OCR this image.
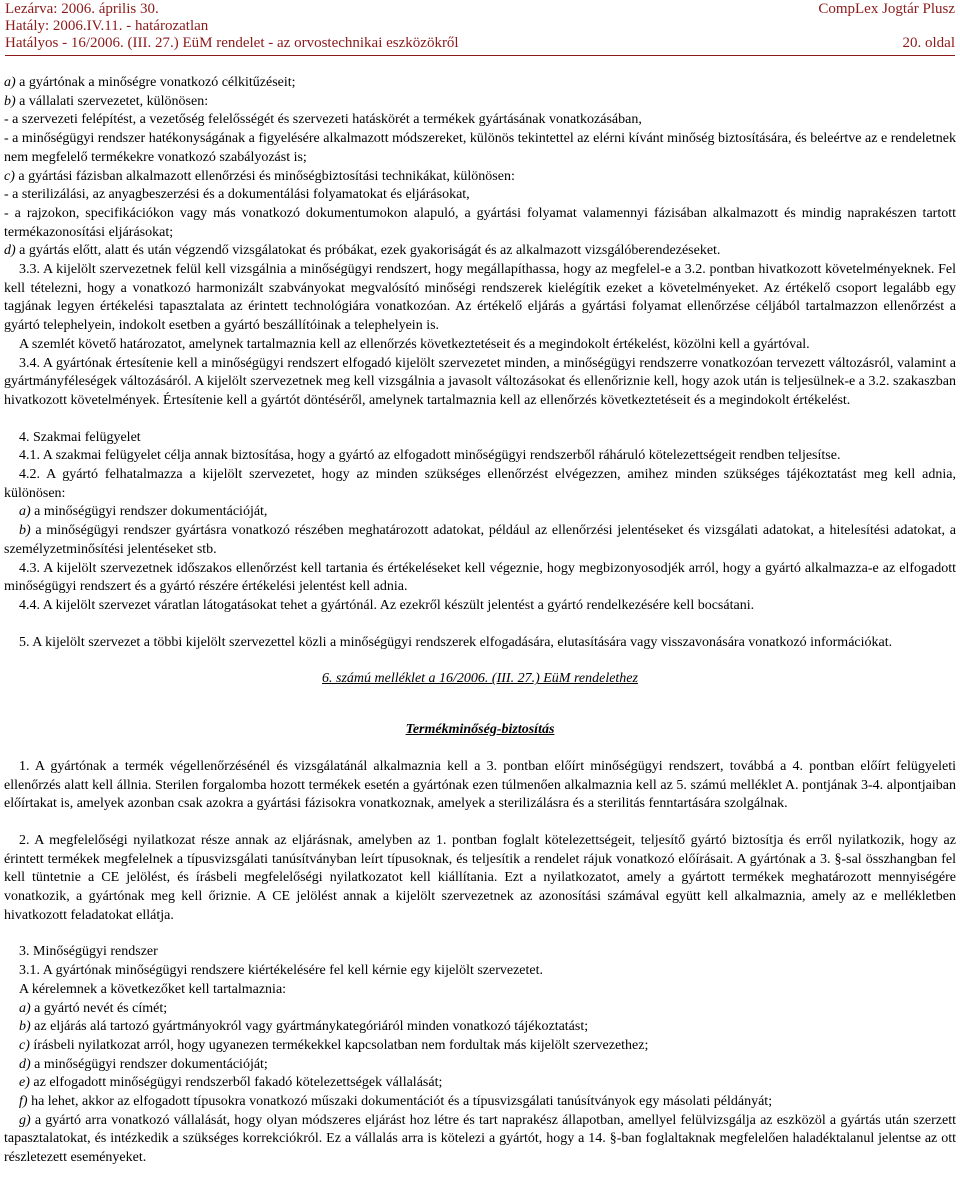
Lezárva: 2006. április 30.	CompLex Jogtár Plusz
Hatály: 2006.IV.11. - határozatlan
Hatályos - 16/2006. (III. 27.) EüM rendelet - az orvostechnikai eszközökről	20. oldal

a) a gyártónak a minőségre vonatkozó célkitűzéseit;

b) a vállalati szervezetet, különösen:

- a szervezeti felépítést, a vezetőség felelősségét és szervezeti hatáskörét a termékek gyártásának vonatkozásában,

- a minőségügyi rendszer hatékonyságának a figyelésére alkalmazott módszereket, különös tekintettel az elérni kívánt minőség biztosítására, és beleértve az e rendeletnek nem megfelelő termékekre vonatkozó szabályozást is;

c) a gyártási fázisban alkalmazott ellenőrzési és minőségbiztosítási technikákat, különösen:

- a sterilizálási, az anyagbeszerzési és a dokumentálási folyamatokat és eljárásokat,

- a rajzokon, specifikációkon vagy más vonatkozó dokumentumokon alapuló, a gyártási folyamat valamennyi fázisában alkalmazott és mindig naprakészen tartott termékazonosítási eljárásokat;

d) a gyártás előtt, alatt és után végzendő vizsgálatokat és próbákat, ezek gyakoriságát és az alkalmazott vizsgálóberendezéseket.

3.3. A kijelölt szervezetnek felül kell vizsgálnia a minőségügyi rendszert, hogy megállapíthassa, hogy az megfelel-e a 3.2. pontban hivatkozott követelményeknek. Fel kell tételezni, hogy a vonatkozó harmonizált szabványokat megvalósító minőségi rendszerek kielégítik ezeket a követelményeket. Az értékelő csoport legalább egy tagjának legyen értékelési tapasztalata az érintett technológiára vonatkozóan. Az értékelő eljárás a gyártási folyamat ellenőrzése céljából tartalmazzon ellenőrzést a gyártó telephelyein, indokolt esetben a gyártó beszállítóinak a telephelyein is.

A szemlét követő határozatot, amelynek tartalmaznia kell az ellenőrzés következtetéseit és a megindokolt értékelést, közölni kell a gyártóval.

3.4. A gyártónak értesítenie kell a minőségügyi rendszert elfogadó kijelölt szervezetet minden, a minőségügyi rendszerre vonatkozóan tervezett változásról, valamint a gyártmányféleségek változásáról. A kijelölt szervezetnek meg kell vizsgálnia a javasolt változásokat és ellenőriznie kell, hogy azok után is teljesülnek-e a 3.2. szakaszban hivatkozott követelmények. Értesítenie kell a gyártót döntéséről, amelynek tartalmaznia kell az ellenőrzés következtetéseit és a megindokolt értékelést.

4. Szakmai felügyelet

4.1. A szakmai felügyelet célja annak biztosítása, hogy a gyártó az elfogadott minőségügyi rendszerből ráháruló kötelezettségeit rendben teljesítse.

4.2. A gyártó felhatalmazza a kijelölt szervezetet, hogy az minden szükséges ellenőrzést elvégezzen, amihez minden szükséges tájékoztatást meg kell adnia, különösen:

a) a minőségügyi rendszer dokumentációját,

b) a minőségügyi rendszer gyártásra vonatkozó részében meghatározott adatokat, például az ellenőrzési jelentéseket és vizsgálati adatokat, a hitelesítési adatokat, a személyzetminősítési jelentéseket stb.

4.3. A kijelölt szervezetnek időszakos ellenőrzést kell tartania és értékeléseket kell végeznie, hogy megbizonyosodjék arról, hogy a gyártó alkalmazza-e az elfogadott minőségügyi rendszert és a gyártó részére értékelési jelentést kell adnia.

4.4. A kijelölt szervezet váratlan látogatásokat tehet a gyártónál. Az ezekről készült jelentést a gyártó rendelkezésére kell bocsátani.

5. A kijelölt szervezet a többi kijelölt szervezettel közli a minőségügyi rendszerek elfogadására, elutasítására vagy visszavonására vonatkozó információkat.

6. számú melléklet a 16/2006. (III. 27.) EüM rendelethez

Termékminőség-biztosítás

1. A gyártónak a termék végellenőrzésénél és vizsgálatánál alkalmaznia kell a 3. pontban előírt minőségügyi rendszert, továbbá a 4. pontban előírt felügyeleti ellenőrzés alatt kell állnia. Sterilen forgalomba hozott termékek esetén a gyártónak ezen túlmenően alkalmaznia kell az 5. számú melléklet A. pontjának 3-4. alpontjaiban előírtakat is, amelyek azonban csak azokra a gyártási fázisokra vonatkoznak, amelyek a sterilizálásra és a sterilitás fenntartására szolgálnak.

2. A megfelelőségi nyilatkozat része annak az eljárásnak, amelyben az 1. pontban foglalt kötelezettségeit, teljesítő gyártó biztosítja és erről nyilatkozik, hogy az érintett termékek megfelelnek a típusvizsgálati tanúsítványban leírt típusoknak, és teljesítik a rendelet rájuk vonatkozó előírásait. A gyártónak a 3. §-sal összhangban fel kell tüntetnie a CE jelölést, és írásbeli megfelelőségi nyilatkozatot kell kiállítania. Ezt a nyilatkozatot, amely a gyártott termékek meghatározott mennyiségére vonatkozik, a gyártónak meg kell őriznie. A CE jelölést annak a kijelölt szervezetnek az azonosítási számával együtt kell alkalmaznia, amely az e mellékletben hivatkozott feladatokat ellátja.

3. Minőségügyi rendszer

3.1. A gyártónak minőségügyi rendszere kiértékelésére fel kell kérnie egy kijelölt szervezetet.

A kérelemnek a következőket kell tartalmaznia:

a) a gyártó nevét és címét;

b) az eljárás alá tartozó gyártmányokról vagy gyártmánykategóriáról minden vonatkozó tájékoztatást;

c) írásbeli nyilatkozat arról, hogy ugyanezen termékekkel kapcsolatban nem fordultak más kijelölt szervezethez;

d) a minőségügyi rendszer dokumentációját;

e) az elfogadott minőségügyi rendszerből fakadó kötelezettségek vállalását;

f) ha lehet, akkor az elfogadott típusokra vonatkozó műszaki dokumentációt és a típusvizsgálati tanúsítványok egy másolati példányát;

g) a gyártó arra vonatkozó vállalását, hogy olyan módszeres eljárást hoz létre és tart naprakész állapotban, amellyel felülvizsgálja az eszközöl a gyártás után szerzett tapasztalatokat, és intézkedik a szükséges korrekciókról. Ez a vállalás arra is kötelezi a gyártót, hogy a 14. §-ban foglaltaknak megfelelően haladéktalanul jelentse az ott részletezett eseményeket.
